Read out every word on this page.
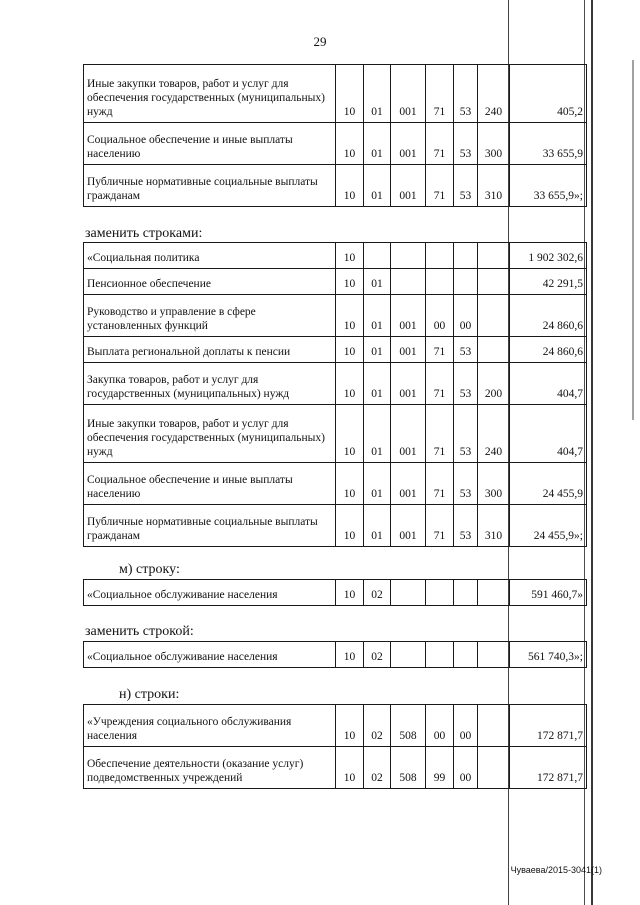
29
Иные закупки товаров, работ и услуг для обеспечения государственных (муниципальных) нужд	10	01	001	71	53	240	405,2
Социальное обеспечение и иные выплаты населению	10	01	001	71	53	300	33 655,9
Публичные нормативные социальные выплаты гражданам	10	01	001	71	53	310	33 655,9»;
заменить строками:
«Социальная политика	10						1 902 302,6
Пенсионное обеспечение	10	01					42 291,5
Руководство и управление в сфере установленных функций	10	01	001	00	00		24 860,6
Выплата региональной доплаты к пенсии	10	01	001	71	53		24 860,6
Закупка товаров, работ и услуг для государственных (муниципальных) нужд	10	01	001	71	53	200	404,7
Иные закупки товаров, работ и услуг для обеспечения государственных (муниципальных) нужд	10	01	001	71	53	240	404,7
Социальное обеспечение и иные выплаты населению	10	01	001	71	53	300	24 455,9
Публичные нормативные социальные выплаты гражданам	10	01	001	71	53	310	24 455,9»;
м) строку:
«Социальное обслуживание населения	10	02					591 460,7»
заменить строкой:
«Социальное обслуживание населения	10	02					561 740,3»;
н) строки:
«Учреждения социального обслуживания населения	10	02	508	00	00		172 871,7
Обеспечение деятельности (оказание услуг) подведомственных учреждений	10	02	508	99	00		172 871,7
Чуваева/2015-3041(1)
